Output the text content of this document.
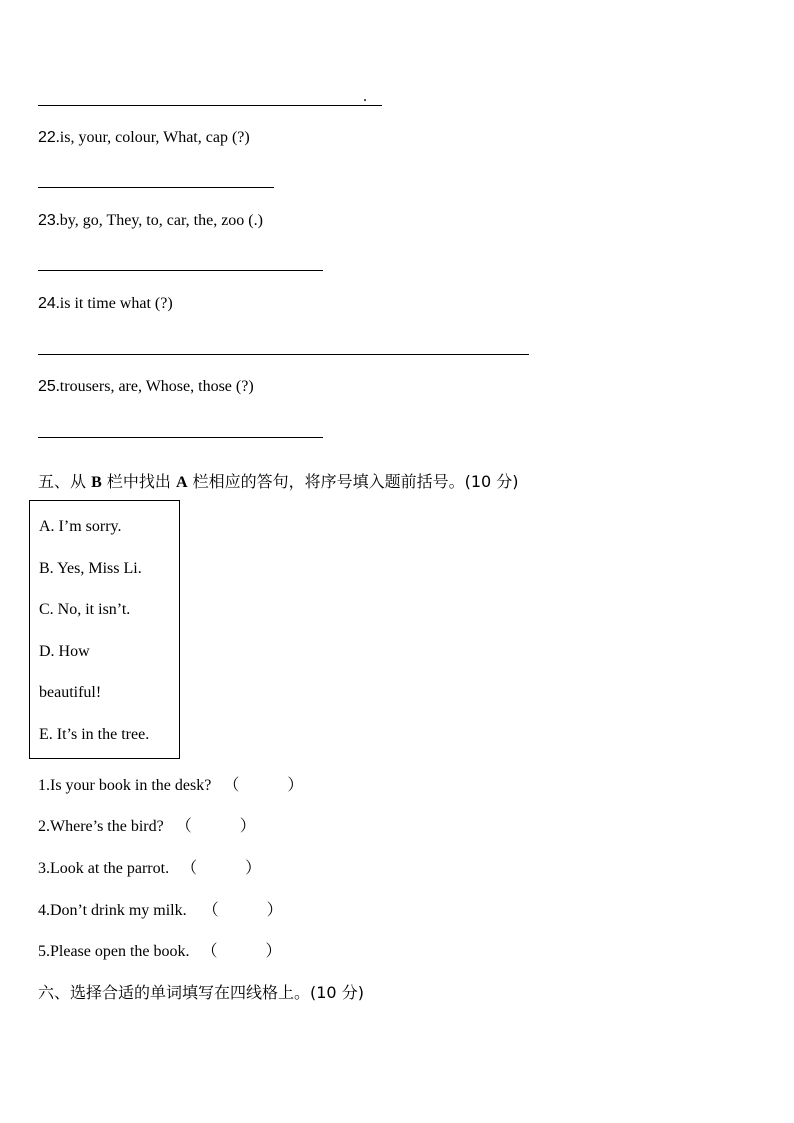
.
22.is, your, colour, What, cap (?)
23.by, go, They, to, car, the, zoo (.)
24.is it time what (?)
25.trousers, are, Whose, those (?)
五、从 B 栏中找出 A 栏相应的答句，将序号填入题前括号。(10 分)
A. I’m sorry.
B. Yes, Miss Li.
C. No, it isn’t.
D. How
beautiful!
E. It’s in the tree.
1.Is your book in the desk? （	）
2.Where’s the bird? （	）
3.Look at the parrot. （	）
4.Don’t drink my milk. （	）
5.Please open the book. （	）
六、选择合适的单词填写在四线格上。(10 分)
